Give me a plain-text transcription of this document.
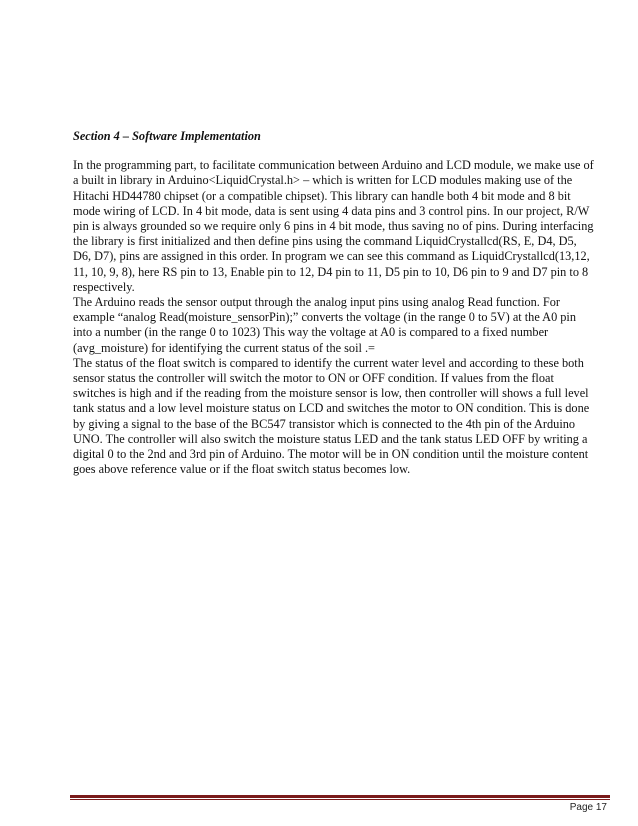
Section 4 – Software Implementation

In the programming part, to facilitate communication between Arduino and LCD module, we make use of
a built in library in Arduino<LiquidCrystal.h> – which is written for LCD modules making use of the
Hitachi HD44780 chipset (or a compatible chipset). This library can handle both 4 bit mode and 8 bit
mode wiring of LCD. In 4 bit mode, data is sent using 4 data pins and 3 control pins. In our project, R/W
pin is always grounded so we require only 6 pins in 4 bit mode, thus saving no of pins. During interfacing
the library is first initialized and then define pins using the command LiquidCrystallcd(RS, E, D4, D5,
D6, D7), pins are assigned in this order. In program we can see this command as LiquidCrystallcd(13,12,
11, 10, 9, 8), here RS pin to 13, Enable pin to 12, D4 pin to 11, D5 pin to 10, D6 pin to 9 and D7 pin to 8
respectively.

The Arduino reads the sensor output through the analog input pins using analog Read function. For
example “analog Read(moisture_sensorPin);” converts the voltage (in the range 0 to 5V) at the A0 pin
into a number (in the range 0 to 1023) This way the voltage at A0 is compared to a fixed number
(avg_moisture) for identifying the current status of the soil .=

The status of the float switch is compared to identify the current water level and according to these both
sensor status the controller will switch the motor to ON or OFF condition. If values from the float
switches is high and if the reading from the moisture sensor is low, then controller will shows a full level
tank status and a low level moisture status on LCD and switches the motor to ON condition. This is done
by giving a signal to the base of the BC547 transistor which is connected to the 4th pin of the Arduino
UNO. The controller will also switch the moisture status LED and the tank status LED OFF by writing a
digital 0 to the 2nd and 3rd pin of Arduino. The motor will be in ON condition until the moisture content
goes above reference value or if the float switch status becomes low.

Page 17
